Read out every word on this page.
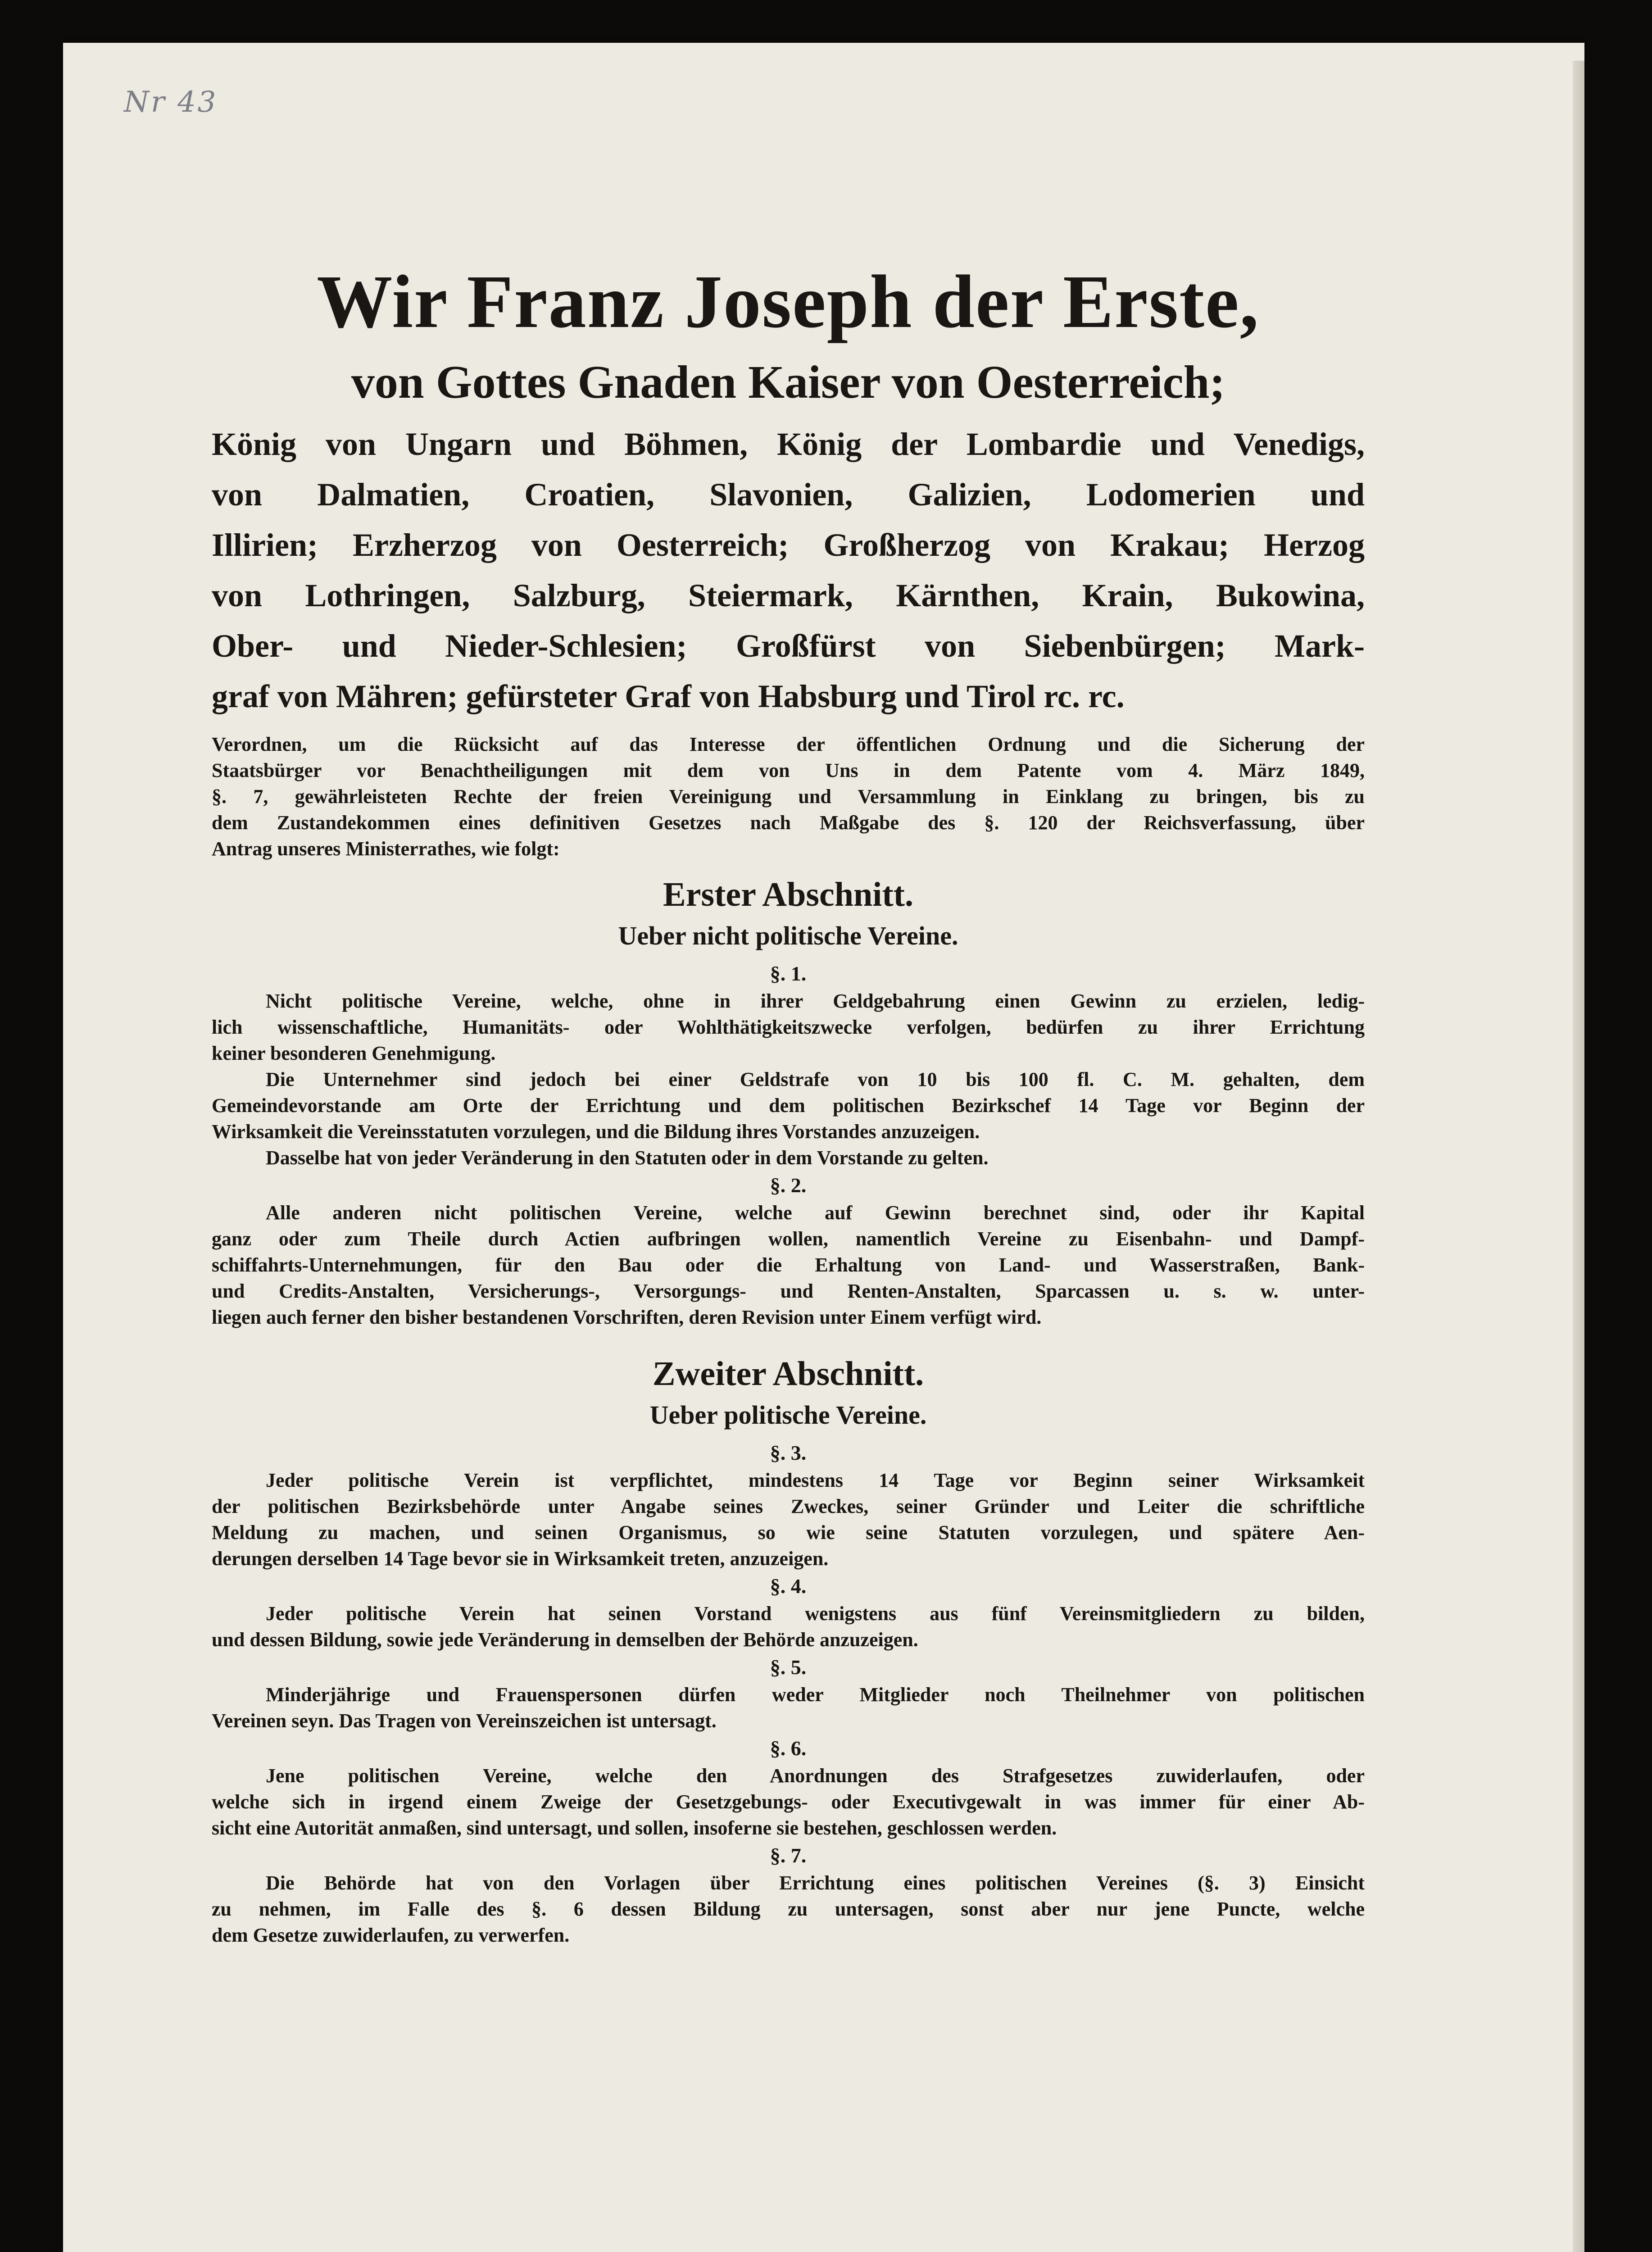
Nr 43

Wir Franz Joseph der Erste,

von Gottes Gnaden Kaiser von Oesterreich;

König von Ungarn und Böhmen, König der Lombardie und Venedigs,

von Dalmatien, Croatien, Slavonien, Galizien, Lodomerien und

Illirien; Erzherzog von Oesterreich; Großherzog von Krakau; Herzog

von Lothringen, Salzburg, Steiermark, Kärnthen, Krain, Bukowina,

Ober- und Nieder-Schlesien; Großfürst von Siebenbürgen; Mark-

graf von Mähren; gefürsteter Graf von Habsburg und Tirol rc. rc.

Verordnen, um die Rücksicht auf das Interesse der öffentlichen Ordnung und die Sicherung der

Staatsbürger vor Benachtheiligungen mit dem von Uns in dem Patente vom 4. März 1849,

§. 7, gewährleisteten Rechte der freien Vereinigung und Versammlung in Einklang zu bringen, bis zu

dem Zustandekommen eines definitiven Gesetzes nach Maßgabe des §. 120 der Reichsverfassung, über

Antrag unseres Ministerrathes, wie folgt:

Erster Abschnitt.

Ueber nicht politische Vereine.

§. 1.

Nicht politische Vereine, welche, ohne in ihrer Geldgebahrung einen Gewinn zu erzielen, ledig-

lich wissenschaftliche, Humanitäts- oder Wohlthätigkeitszwecke verfolgen, bedürfen zu ihrer Errichtung

keiner besonderen Genehmigung.

Die Unternehmer sind jedoch bei einer Geldstrafe von 10 bis 100 fl. C. M. gehalten, dem

Gemeindevorstande am Orte der Errichtung und dem politischen Bezirkschef 14 Tage vor Beginn der

Wirksamkeit die Vereinsstatuten vorzulegen, und die Bildung ihres Vorstandes anzuzeigen.

Dasselbe hat von jeder Veränderung in den Statuten oder in dem Vorstande zu gelten.

§. 2.

Alle anderen nicht politischen Vereine, welche auf Gewinn berechnet sind, oder ihr Kapital

ganz oder zum Theile durch Actien aufbringen wollen, namentlich Vereine zu Eisenbahn- und Dampf-

schiffahrts-Unternehmungen, für den Bau oder die Erhaltung von Land- und Wasserstraßen, Bank-

und Credits-Anstalten, Versicherungs-, Versorgungs- und Renten-Anstalten, Sparcassen u. s. w. unter-

liegen auch ferner den bisher bestandenen Vorschriften, deren Revision unter Einem verfügt wird.

Zweiter Abschnitt.

Ueber politische Vereine.

§. 3.

Jeder politische Verein ist verpflichtet, mindestens 14 Tage vor Beginn seiner Wirksamkeit

der politischen Bezirksbehörde unter Angabe seines Zweckes, seiner Gründer und Leiter die schriftliche

Meldung zu machen, und seinen Organismus, so wie seine Statuten vorzulegen, und spätere Aen-

derungen derselben 14 Tage bevor sie in Wirksamkeit treten, anzuzeigen.

§. 4.

Jeder politische Verein hat seinen Vorstand wenigstens aus fünf Vereinsmitgliedern zu bilden,

und dessen Bildung, sowie jede Veränderung in demselben der Behörde anzuzeigen.

§. 5.

Minderjährige und Frauenspersonen dürfen weder Mitglieder noch Theilnehmer von politischen

Vereinen seyn. Das Tragen von Vereinszeichen ist untersagt.

§. 6.

Jene politischen Vereine, welche den Anordnungen des Strafgesetzes zuwiderlaufen, oder

welche sich in irgend einem Zweige der Gesetzgebungs- oder Executivgewalt in was immer für einer Ab-

sicht eine Autorität anmaßen, sind untersagt, und sollen, insoferne sie bestehen, geschlossen werden.

§. 7.

Die Behörde hat von den Vorlagen über Errichtung eines politischen Vereines (§. 3) Einsicht

zu nehmen, im Falle des §. 6 dessen Bildung zu untersagen, sonst aber nur jene Puncte, welche

dem Gesetze zuwiderlaufen, zu verwerfen.
